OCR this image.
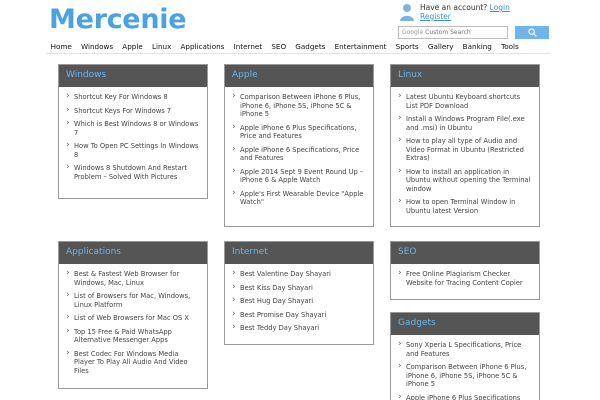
Mercenie	Have an account? Login
Register
Google
Custom Search
Home	Windows	Apple	Linux	Applications	Internet	SEO	Gadgets	Entertainment	Sports	Gallery	Banking	Tools
Windows
› Shortcut Key For Windows 8
› Shortcut Keys For Windows 7
› Which is Best Windows 8 or Windows 7
› How To Open PC Settings In Windows 8
› Windows 8 Shutdown And Restart Problem – Solved With Pictures
Apple
› Comparison Between iPhone 6 Plus, iPhone 6, iPhone 5S, iPhone 5C & iPhone 5
› Apple iPhone 6 Plus Specifications, Price and Features
› Apple iPhone 6 Specifications, Price and Features
› Apple 2014 Sept 9 Event Round Up – iPhone 6 & Apple Watch
› Apple's First Wearable Device "Apple Watch"
Linux
› Latest Ubuntu Keyboard shortcuts List PDF Download
› Install a Windows Program File(.exe and .msi) in Ubuntu
› How to play all type of Audio and Video Format in Ubuntu (Restricted Extras)
› How to install an application in Ubuntu without opening the Terminal window
› How to open Terminal Window in Ubuntu latest Version
Applications
› Best & Fastest Web Browser for Windows, Mac, Linux
› List of Browsers for Mac, Windows, Linux Platform
› List of Web Browsers for Mac OS X
› Top 15 Free & Paid WhatsApp Alternative Messenger Apps
› Best Codec For Windows Media Player To Play All Audio And Video Files
Internet
› Best Valentine Day Shayari
› Best Kiss Day Shayari
› Best Hug Day Shayari
› Best Promise Day Shayari
› Best Teddy Day Shayari
SEO
› Free Online Plagiarism Checker Website for Tracing Content Copier
Gadgets
› Sony Xperia L Specifications, Price and Features
› Comparison Between iPhone 6 Plus, iPhone 6, iPhone 5S, iPhone 5C & iPhone 5
› Apple iPhone 6 Plus Specifications
